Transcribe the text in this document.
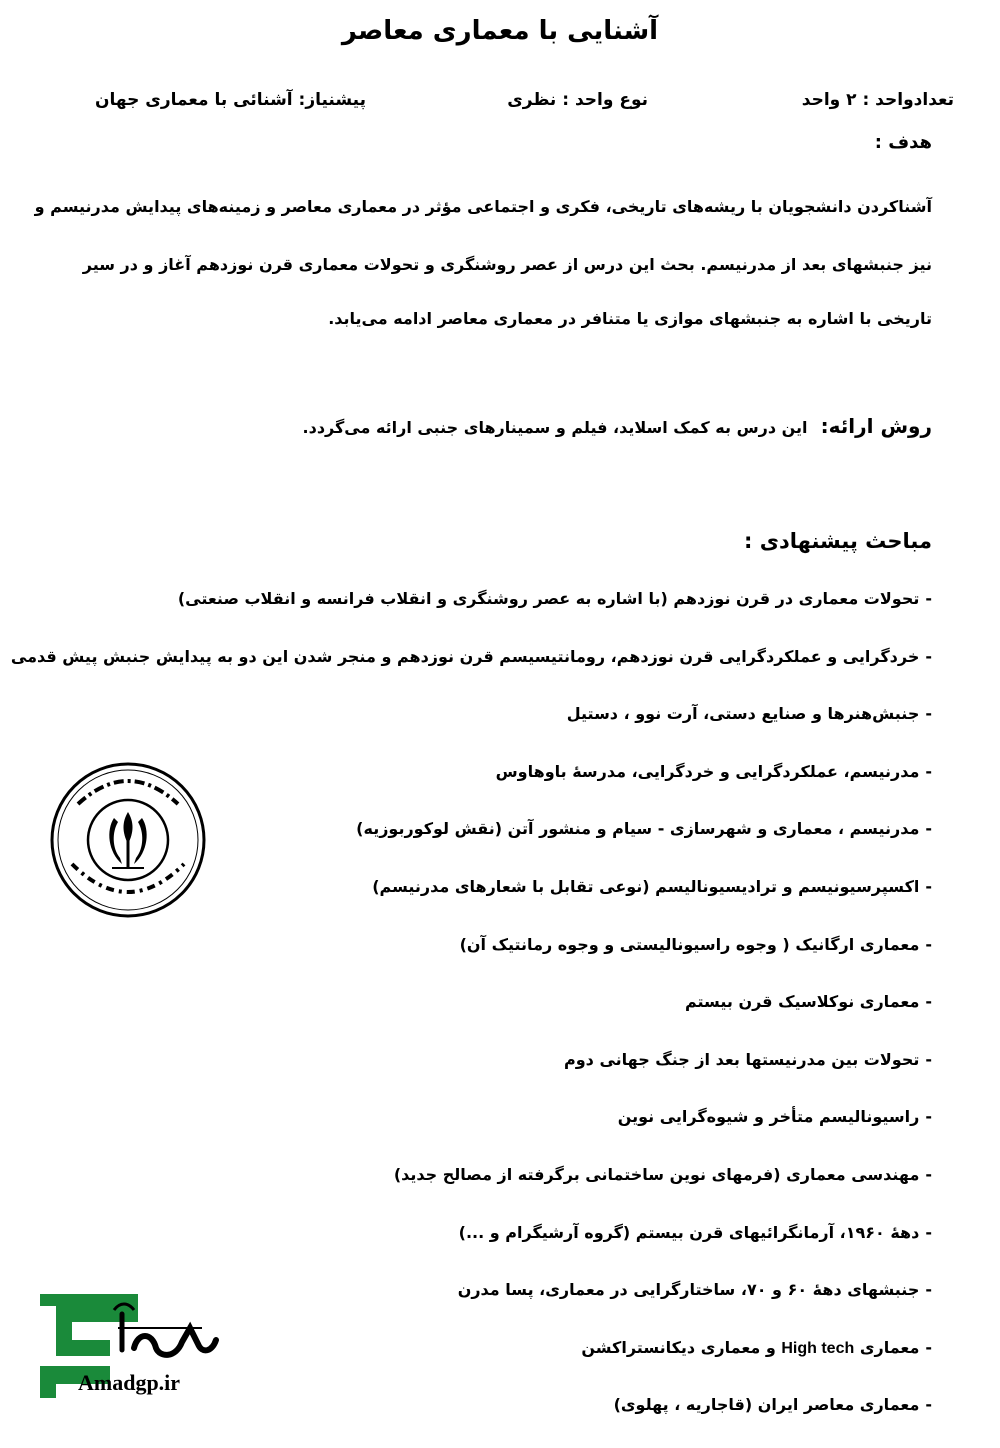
آشنایی با معماری معاصر
تعدادواحد : ۲ واحد
نوع واحد : نظری
پیشنیاز: آشنائی با معماری جهان
هدف :
آشناکردن دانشجویان با ریشه‌های تاریخی، فکری و اجتماعی مؤثر در معماری معاصر و زمینه‌های پیدایش مدرنیسم و
نیز جنبشهای بعد از مدرنیسم. بحث این درس از عصر روشنگری و تحولات معماری قرن نوزدهم آغاز و در سیر
تاریخی با اشاره به جنبشهای موازی یا متنافر در معماری معاصر ادامه می‌یابد.
روش ارائه: این درس به کمک اسلاید، فیلم و سمینارهای جنبی ارائه می‌گردد.
مباحث پیشنهادی :
-تحولات معماری در قرن نوزدهم (با اشاره به عصر روشنگری و انقلاب فرانسه و انقلاب صنعتی)
-خردگرایی و عملکردگرایی قرن نوزدهم، رومانتیسیسم قرن نوزدهم و منجر شدن این دو به پیدایش جنبش پیش قدمی
-جنبش‌هنرها و صنایع دستی، آرت نوو ، دستیل
-مدرنیسم، عملکردگرایی و خردگرایی، مدرسهٔ باوهاوس
-مدرنیسم ، معماری و شهرسازی - سیام و منشور آتن (نقش لوکوربوزیه)
-اکسپرسیونیسم و ترادیسیونالیسم (نوعی تقابل با شعارهای مدرنیسم)
-معماری ارگانیک ( وجوه راسیونالیستی و وجوه رمانتیک آن)
-معماری نوکلاسیک قرن بیستم
-تحولات بین مدرنیستها بعد از جنگ جهانی دوم
-راسیونالیسم متأخر و شیوه‌گرایی نوین
-مهندسی معماری (فرمهای نوین ساختمانی برگرفته از مصالح جدید)
-دههٔ ۱۹۶۰، آرمانگرائیهای قرن بیستم (گروه آرشیگرام و ...)
-جنبشهای دههٔ ۶۰ و ۷۰، ساختارگرایی در معماری، پسا مدرن
-معماری High tech و معماری دیکانستراکشن
-معماری معاصر ایران (قاجاریه ، پهلوی)
Amadgp.ir
